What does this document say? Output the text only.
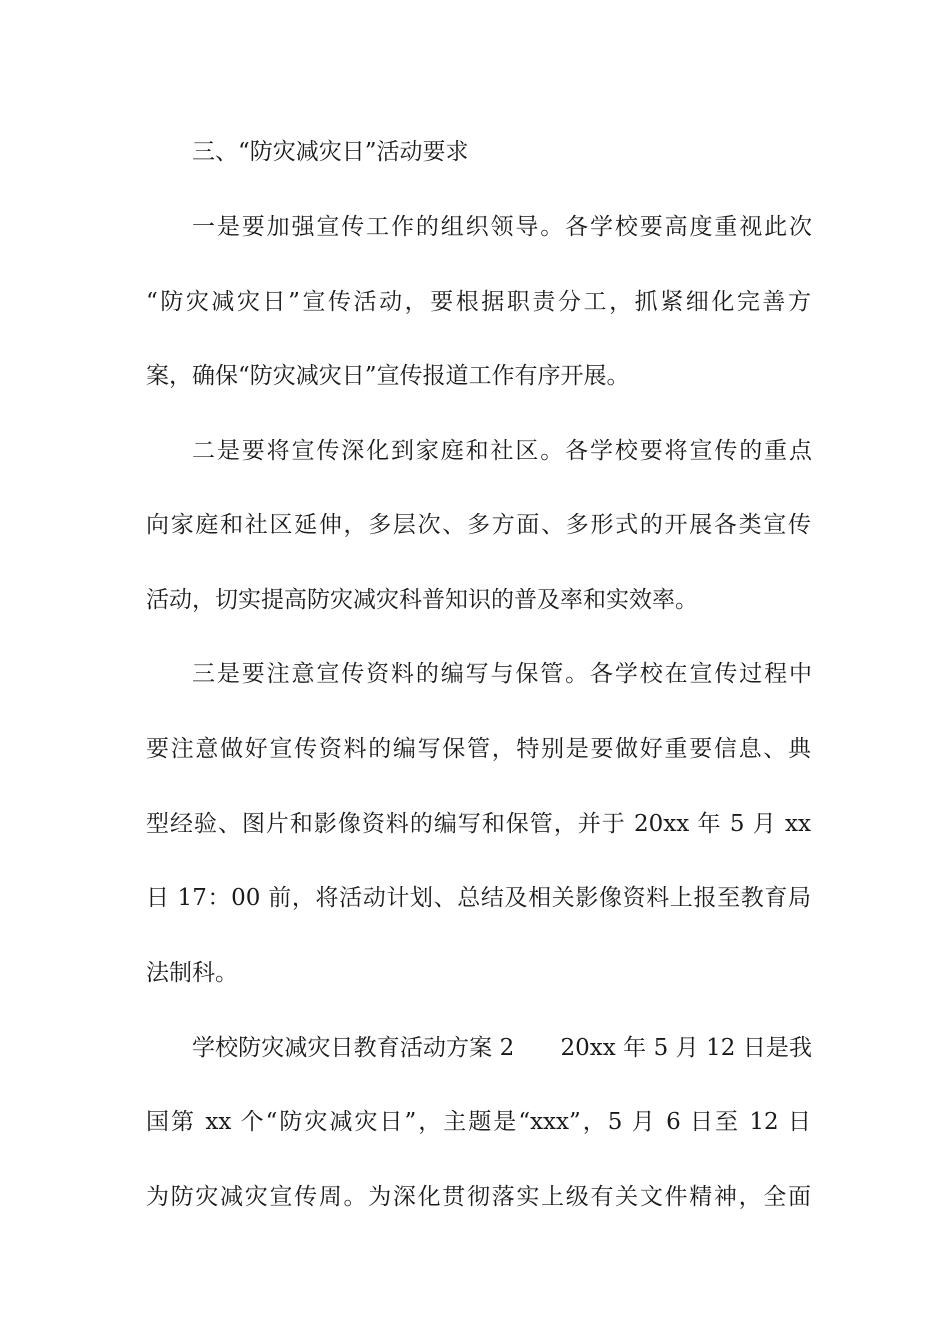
三、“防灾减灾日”活动要求
一是要加强宣传工作的组织领导。各学校要高度重视此次
“防灾减灾日”宣传活动，要根据职责分工，抓紧细化完善方
案，确保“防灾减灾日”宣传报道工作有序开展。
二是要将宣传深化到家庭和社区。各学校要将宣传的重点
向家庭和社区延伸，多层次、多方面、多形式的开展各类宣传
活动，切实提高防灾减灾科普知识的普及率和实效率。
三是要注意宣传资料的编写与保管。各学校在宣传过程中
要注意做好宣传资料的编写保管，特别是要做好重要信息、典
型经验、图片和影像资料的编写和保管，并于 20xx 年 5 月 xx
日 17：00 前，将活动计划、总结及相关影像资料上报至教育局
法制科。
学校防灾减灾日教育活动方案 2　　20xx 年 5 月 12 日是我
国第 xx 个“防灾减灾日”，主题是“xxx”，5 月 6 日至 12 日
为防灾减灾宣传周。为深化贯彻落实上级有关文件精神，全面
